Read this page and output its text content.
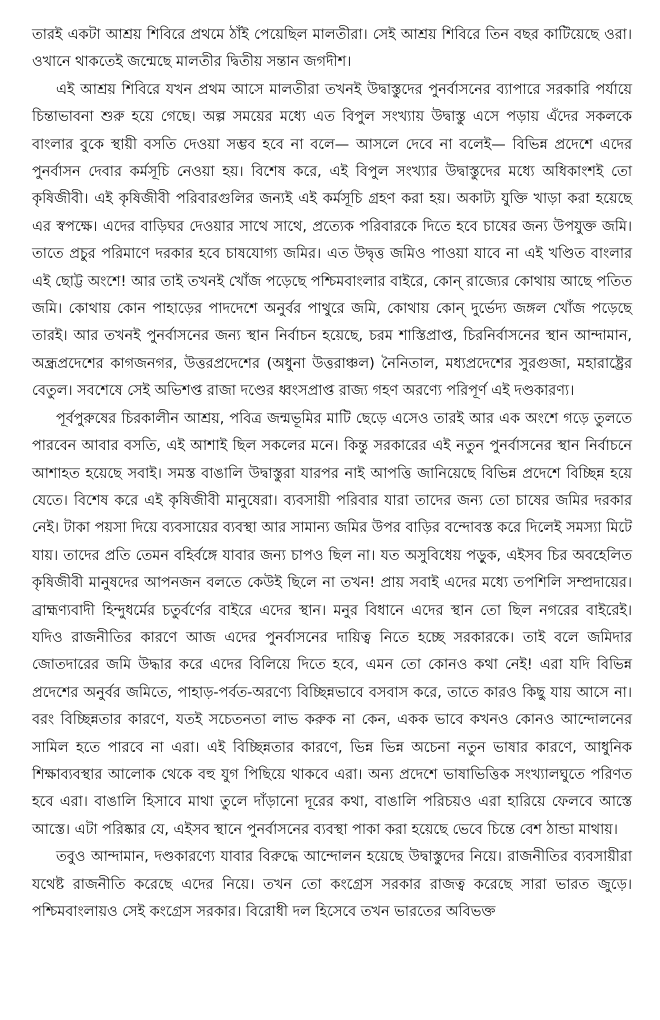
তারই একটা আশ্রয় শিবিরে প্রথমে ঠাঁই পেয়েছিল মালতীরা। সেই আশ্রয় শিবিরে তিন বছর কাটিয়েছে ওরা। ওখানে থাকতেই জন্মেছে মালতীর দ্বিতীয় সন্তান জগদীশ।

এই আশ্রয় শিবিরে যখন প্রথম আসে মালতীরা তখনই উদ্বাস্তুদের পুনর্বাসনের ব্যাপারে সরকারি পর্যায়ে চিন্তাভাবনা শুরু হয়ে গেছে। অল্প সময়ের মধ্যে এত বিপুল সংখ্যায় উদ্বাস্তু এসে পড়ায় এঁদের সকলকে বাংলার বুকে স্থায়ী বসতি দেওয়া সম্ভব হবে না বলে— আসলে দেবে না বলেই— বিভিন্ন প্রদেশে এদের পুনর্বাসন দেবার কর্মসূচি নেওয়া হয়। বিশেষ করে, এই বিপুল সংখ্যার উদ্বাস্তুদের মধ্যে অধিকাংশই তো কৃষিজীবী। এই কৃষিজীবী পরিবারগুলির জন্যই এই কর্মসূচি গ্রহণ করা হয়। অকাট্য যুক্তি খাড়া করা হয়েছে এর স্বপক্ষে। এদের বাড়িঘর দেওয়ার সাথে সাথে, প্রত্যেক পরিবারকে দিতে হবে চাষের জন্য উপযুক্ত জমি। তাতে প্রচুর পরিমাণে দরকার হবে চাষযোগ্য জমির। এত উদ্বৃত্ত জমিও পাওয়া যাবে না এই খণ্ডিত বাংলার এই ছোট্ট অংশে! আর তাই তখনই খোঁজ পড়েছে পশ্চিমবাংলার বাইরে, কোন্ রাজ্যের কোথায় আছে পতিত জমি। কোথায় কোন পাহাড়ের পাদদেশে অনুর্বর পাথুরে জমি, কোথায় কোন্ দুর্ভেদ্য জঙ্গল খোঁজ পড়েছে তারই। আর তখনই পুনর্বাসনের জন্য স্থান নির্বাচন হয়েছে, চরম শাস্তিপ্রাপ্ত, চিরনির্বাসনের স্থান আন্দামান, অন্ধ্রপ্রদেশের কাগজনগর, উত্তরপ্রদেশের (অধুনা উত্তরাঞ্চল) নৈনিতাল, মধ্যপ্রদেশের সুরগুজা, মহারাষ্ট্রের বেতুল। সবশেষে সেই অভিশপ্ত রাজা দণ্ডের ধ্বংসপ্রাপ্ত রাজ্য গহণ অরণ্যে পরিপূর্ণ এই দণ্ডকারণ্য।

পূর্বপুরুষের চিরকালীন আশ্রয়, পবিত্র জন্মভূমির মাটি ছেড়ে এসেও তারই আর এক অংশে গড়ে তুলতে পারবেন আবার বসতি, এই আশাই ছিল সকলের মনে। কিন্তু সরকারের এই নতুন পুনর্বাসনের স্থান নির্বাচনে আশাহত হয়েছে সবাই। সমস্ত বাঙালি উদ্বাস্তুরা যারপর নাই আপত্তি জানিয়েছে বিভিন্ন প্রদেশে বিচ্ছিন্ন হয়ে যেতে। বিশেষ করে এই কৃষিজীবী মানুষেরা। ব্যবসায়ী পরিবার যারা তাদের জন্য তো চাষের জমির দরকার নেই। টাকা পয়সা দিয়ে ব্যবসায়ের ব্যবস্থা আর সামান্য জমির উপর বাড়ির বন্দোবস্ত করে দিলেই সমস্যা মিটে যায়। তাদের প্রতি তেমন বহির্বঙ্গে যাবার জন্য চাপও ছিল না। যত অসুবিধেয় পড়ুক, এইসব চির অবহেলিত কৃষিজীবী মানুষদের আপনজন বলতে কেউই ছিলে না তখন! প্রায় সবাই এদের মধ্যে তপশিলি সম্প্রদায়ের। ব্রাহ্মণ্যবাদী হিন্দুধর্মের চতুর্বর্ণের বাইরে এদের স্থান। মনুর বিধানে এদের স্থান তো ছিল নগরের বাইরেই। যদিও রাজনীতির কারণে আজ এদের পুনর্বাসনের দায়িত্ব নিতে হচ্ছে সরকারকে। তাই বলে জমিদার জোতদারের জমি উদ্ধার করে এদের বিলিয়ে দিতে হবে, এমন তো কোনও কথা নেই! এরা যদি বিভিন্ন প্রদেশের অনুর্বর জমিতে, পাহাড়-পর্বত-অরণ্যে বিচ্ছিন্নভাবে বসবাস করে, তাতে কারও কিছু যায় আসে না। বরং বিচ্ছিন্নতার কারণে, যতই সচেতনতা লাভ করুক না কেন, একক ভাবে কখনও কোনও আন্দোলনের সামিল হতে পারবে না এরা। এই বিচ্ছিন্নতার কারণে, ভিন্ন ভিন্ন অচেনা নতুন ভাষার কারণে, আধুনিক শিক্ষাব্যবস্থার আলোক থেকে বহু যুগ পিছিয়ে থাকবে এরা। অন্য প্রদেশে ভাষাভিত্তিক সংখ্যালঘুতে পরিণত হবে এরা। বাঙালি হিসাবে মাথা তুলে দাঁড়ানো দূরের কথা, বাঙালি পরিচয়ও এরা হারিয়ে ফেলবে আস্তে আস্তে। এটা পরিষ্কার যে, এইসব স্থানে পুনর্বাসনের ব্যবস্থা পাকা করা হয়েছে ভেবে চিন্তে বেশ ঠান্ডা মাথায়।

তবুও আন্দামান, দণ্ডকারণ্যে যাবার বিরুদ্ধে আন্দোলন হয়েছে উদ্বাস্তুদের নিয়ে। রাজনীতির ব্যবসায়ীরা যথেষ্ট রাজনীতি করেছে এদের নিয়ে। তখন তো কংগ্রেস সরকার রাজত্ব করেছে সারা ভারত জুড়ে। পশ্চিমবাংলায়ও সেই কংগ্রেস সরকার। বিরোধী দল হিসেবে তখন ভারতের অবিভক্ত
